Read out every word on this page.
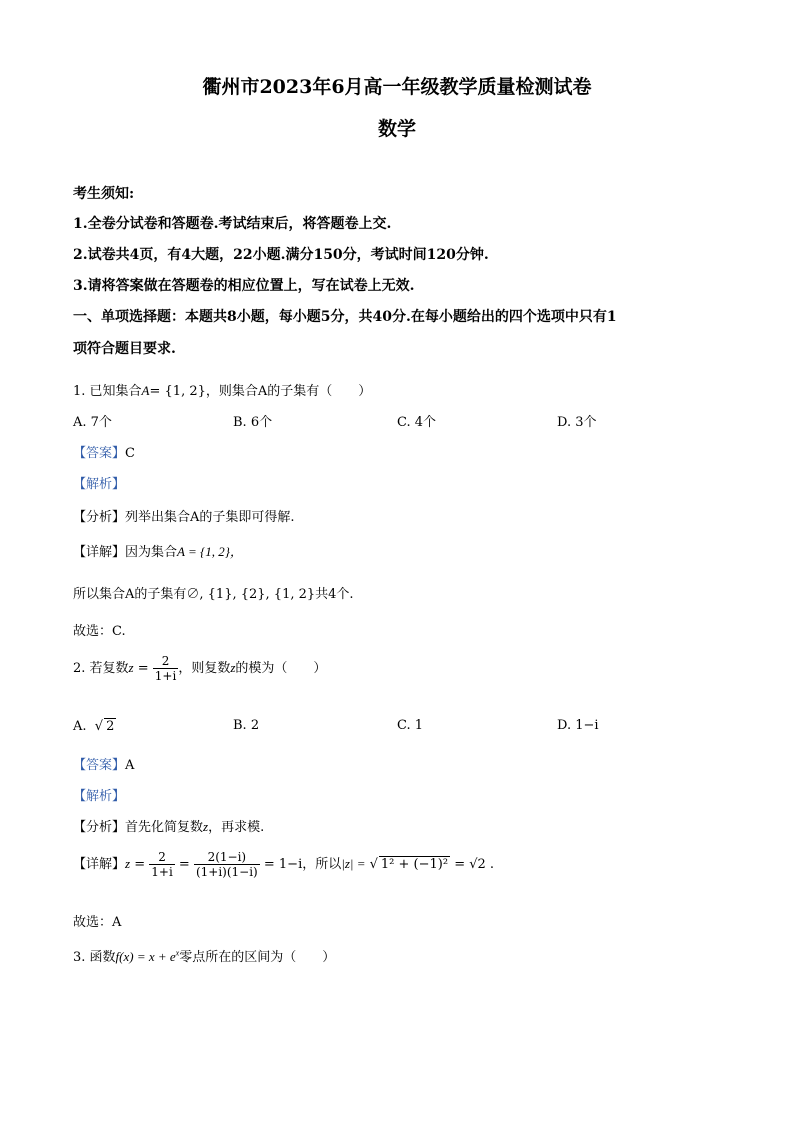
衢州市2023年6月高一年级教学质量检测试卷
数学
考生须知:
1.全卷分试卷和答题卷.考试结束后，将答题卷上交.
2.试卷共4页，有4大题，22小题.满分150分，考试时间120分钟.
3.请将答案做在答题卷的相应位置上，写在试卷上无效.
一、单项选择题：本题共8小题，每小题5分，共40分.在每小题给出的四个选项中只有1
项符合题目要求.
1. 已知集合A= {1, 2}，则集合A的子集有（　　）
A. 7个	B. 6个	C. 4个	D. 3个
【答案】C
【解析】
【分析】列举出集合A的子集即可得解.
【详解】因为集合A = {1, 2}，
所以集合A的子集有∅, {1}, {2}, {1, 2}共4个.
故选：C.
2. 若复数$z = \frac{2}{1+i}$ ，则复数z的模为（　　）
A.  √ 2	B. 2	C. 1	D. 1−i
【答案】A
【解析】
【分析】首先化简复数z，再求模.
【详解】$z = \frac{2}{1+i} = \frac{2(1-i)}{(1+i)(1-i)} = 1-i$，所以|z| = √ 1² + (−1)² = √2 .
故选：A
3. 函数$f(x) = x + e^x$零点所在的区间为（　　）
